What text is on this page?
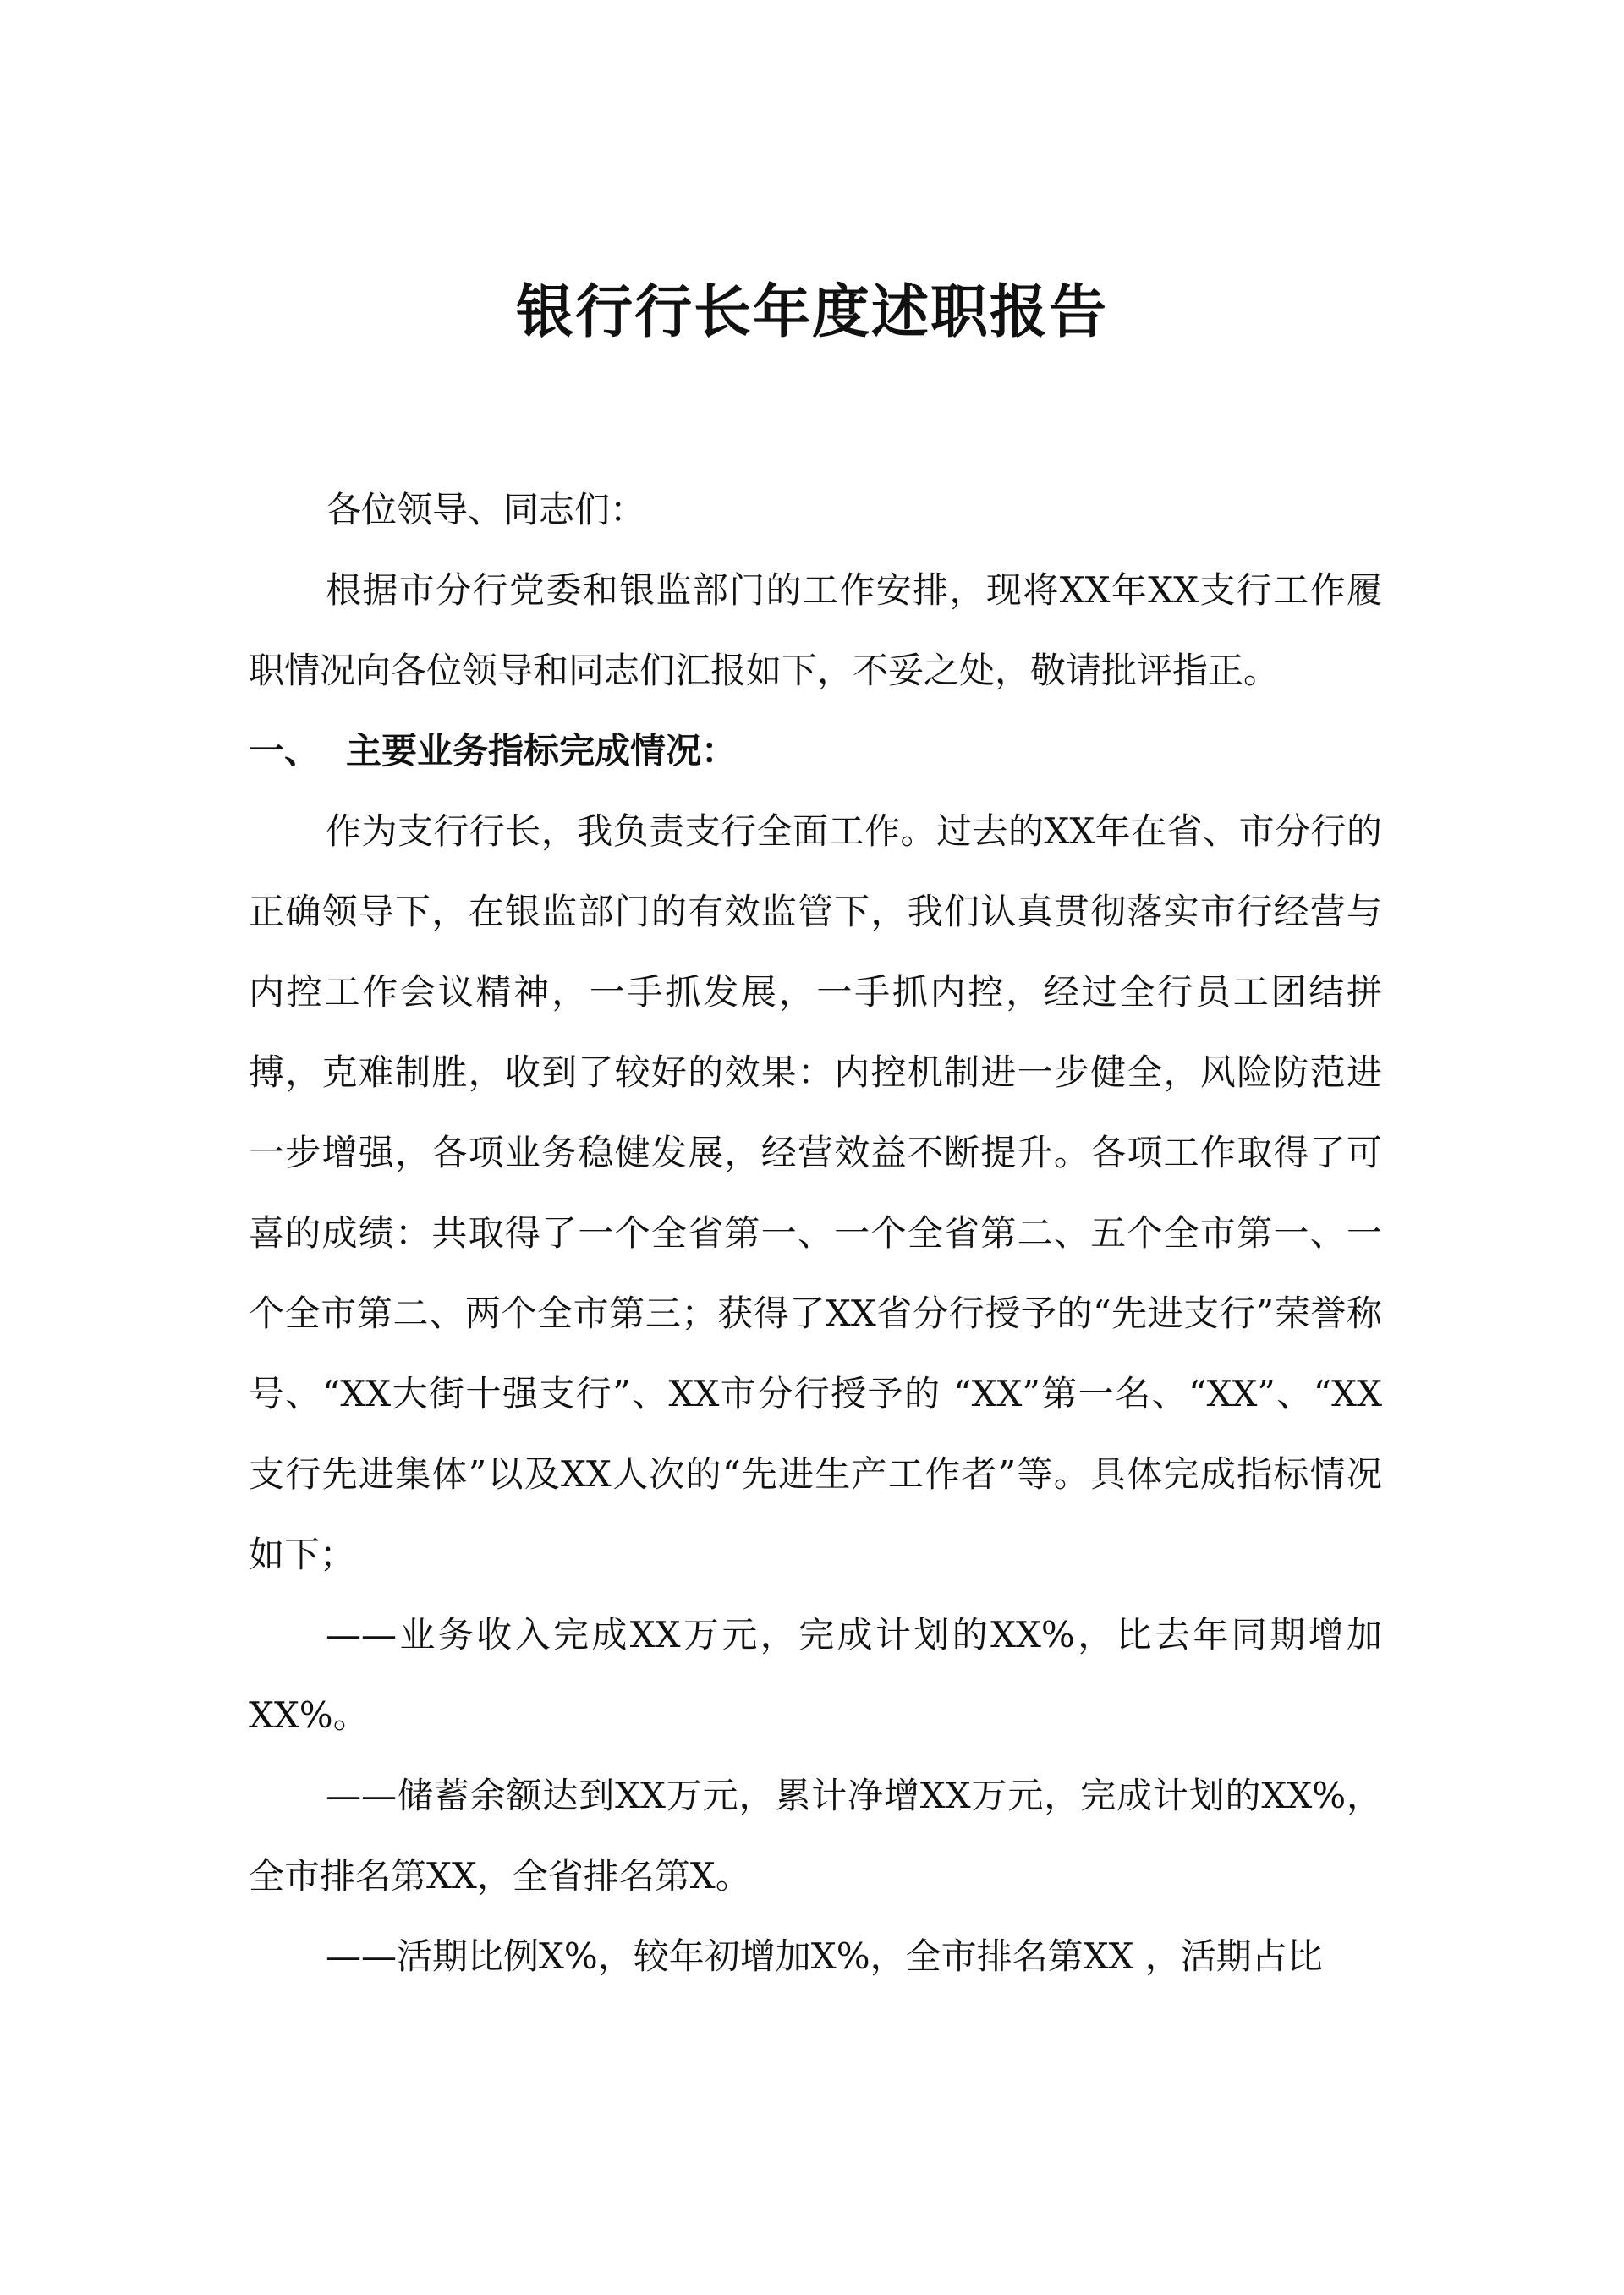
银行行长年度述职报告

各位领导、同志们：

根据市分行党委和银监部门的工作安排，现将XX年XX支行工作履职情况向各位领导和同志们汇报如下，不妥之处，敬请批评指正。

一、 主要业务指标完成情况：

作为支行行长，我负责支行全面工作。过去的XX年在省、市分行的正确领导下，在银监部门的有效监管下，我们认真贯彻落实市行经营与内控工作会议精神，一手抓发展，一手抓内控，经过全行员工团结拼搏，克难制胜，收到了较好的效果：内控机制进一步健全，风险防范进一步增强，各项业务稳健发展，经营效益不断提升。各项工作取得了可喜的成绩：共取得了一个全省第一、一个全省第二、五个全市第一、一个全市第二、两个全市第三；获得了XX省分行授予的“先进支行”荣誉称号、“XX大街十强支行”、XX市分行授予的 “XX”第一名、“XX”、“XX支行先进集体”以及XX人次的“先进生产工作者”等。具体完成指标情况如下；

——业务收入完成XX万元，完成计划的XX%，比去年同期增加XX%。

——储蓄余额达到XX万元，累计净增XX万元，完成计划的XX%，全市排名第XX，全省排名第X。

——活期比例X%，较年初增加X%，全市排名第XX ，活期占比
